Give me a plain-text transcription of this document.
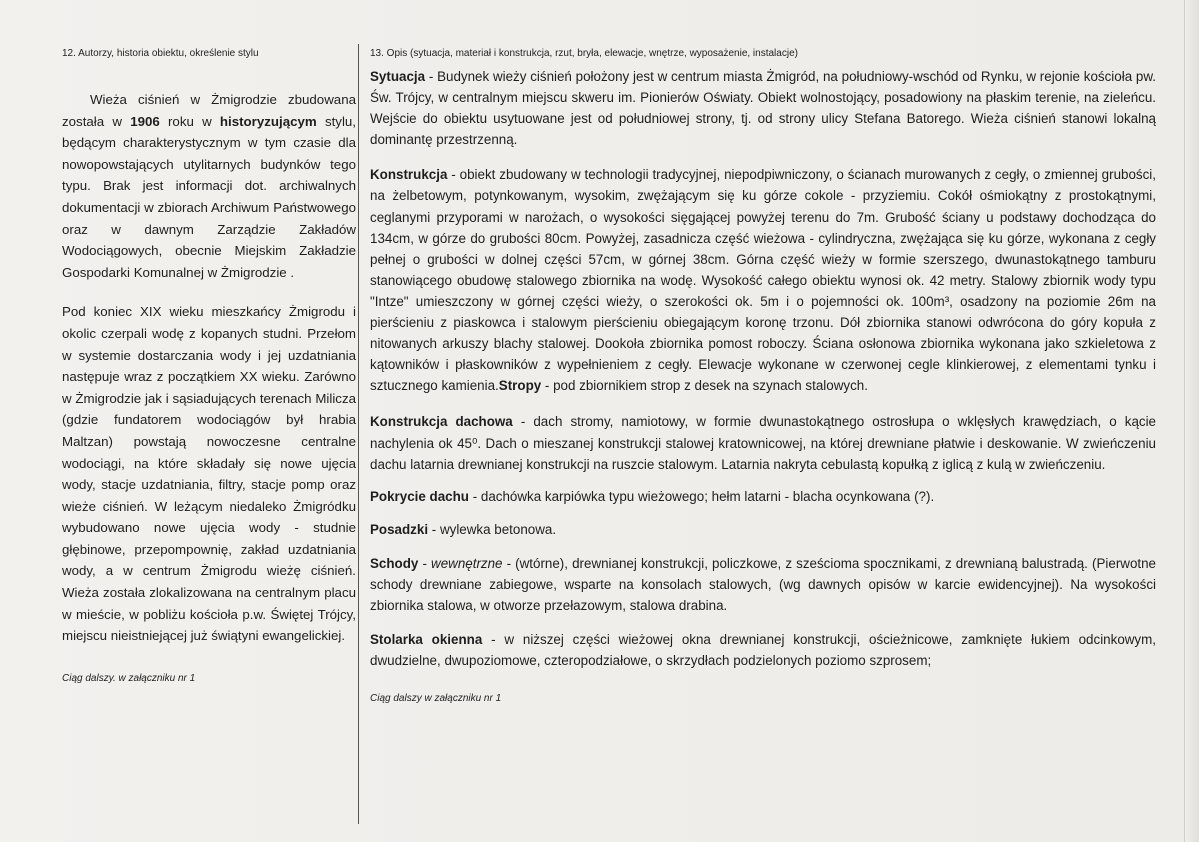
12. Autorzy, historia obiektu, określenie stylu

Wieża ciśnień w Żmigrodzie zbudowana została w 1906 roku w historyzującym stylu, będącym charakterystycznym w tym czasie dla nowopowstających utylitarnych budynków tego typu. Brak jest informacji dot. archiwalnych dokumentacji w zbiorach Archiwum Państwowego oraz w dawnym Zarządzie Zakładów Wodociągowych, obecnie Miejskim Zakładzie Gospodarki Komunalnej w Żmigrodzie .

Pod koniec XIX wieku mieszkańcy Żmigrodu i okolic czerpali wodę z kopanych studni. Przełom w systemie dostarczania wody i jej uzdatniania następuje wraz z początkiem XX wieku. Zarówno w Żmigrodzie jak i sąsiadujących terenach Milicza (gdzie fundatorem wodociągów był hrabia Maltzan) powstają nowoczesne centralne wodociągi, na które składały się nowe ujęcia wody, stacje uzdatniania, filtry, stacje pomp oraz wieże ciśnień. W leżącym niedaleko Żmigródku wybudowano nowe ujęcia wody - studnie głębinowe, przepompownię, zakład uzdatniania wody, a w centrum Żmigrodu wieżę ciśnień. Wieża została zlokalizowana na centralnym placu w mieście, w pobliżu kościoła p.w. Świętej Trójcy, miejscu nieistniejącej już świątyni ewangelickiej.

Ciąg dalszy. w załączniku nr 1
13. Opis (sytuacja, materiał i konstrukcja, rzut, bryła, elewacje, wnętrze, wyposażenie, instalacje)

Sytuacja - Budynek wieży ciśnień położony jest w centrum miasta Żmigród, na południowy-wschód od Rynku, w rejonie kościoła pw. Św. Trójcy, w centralnym miejscu skweru im. Pionierów Oświaty. Obiekt wolnostojący, posadowiony na płaskim terenie, na zieleńcu. Wejście do obiektu usytuowane jest od południowej strony, tj. od strony ulicy Stefana Batorego. Wieża ciśnień stanowi lokalną dominantę przestrzenną.

Konstrukcja - obiekt zbudowany w technologii tradycyjnej, niepodpiwniczony, o ścianach murowanych z cegły, o zmiennej grubości, na żelbetowym, potynkowanym, wysokim, zwężającym się ku górze cokole - przyziemiu. Cokół ośmiokątny z prostokątnymi, ceglanymi przyporami w narożach, o wysokości sięgającej powyżej terenu do 7m. Grubość ściany u podstawy dochodząca do 134cm, w górze do grubości 80cm. Powyżej, zasadnicza część wieżowa - cylindryczna, zwężająca się ku górze, wykonana z cegły pełnej o grubości w dolnej części 57cm, w górnej 38cm. Górna część wieży w formie szerszego, dwunastokątnego tamburu stanowiącego obudowę stalowego zbiornika na wodę. Wysokość całego obiektu wynosi ok. 42 metry. Stalowy zbiornik wody typu "Intze" umieszczony w górnej części wieży, o szerokości ok. 5m i o pojemności ok. 100m³, osadzony na poziomie 26m na pierścieniu z piaskowca i stalowym pierścieniu obiegającym koronę trzonu. Dół zbiornika stanowi odwrócona do góry kopuła z nitowanych arkuszy blachy stalowej. Dookoła zbiornika pomost roboczy. Ściana osłonowa zbiornika wykonana jako szkieletowa z kątowników i płaskowników z wypełnieniem z cegły. Elewacje wykonane w czerwonej cegle klinkierowej, z elementami tynku i sztucznego kamienia.Stropy - pod zbiornikiem strop z desek na szynach stalowych.

Konstrukcja dachowa - dach stromy, namiotowy, w formie dwunastokątnego ostrosłupa o wklęsłych krawędziach, o kącie nachylenia ok 45⁰. Dach o mieszanej konstrukcji stalowej kratownicowej, na której drewniane płatwie i deskowanie. W zwieńczeniu dachu latarnia drewnianej konstrukcji na ruszcie stalowym. Latarnia nakryta cebulastą kopułką z iglicą z kulą w zwieńczeniu.

Pokrycie dachu - dachówka karpiówka typu wieżowego; hełm latarni - blacha ocynkowana (?).

Posadzki - wylewka betonowa.

Schody - wewnętrzne - (wtórne), drewnianej konstrukcji, policzkowe, z sześcioma spocznikami, z drewnianą balustradą. (Pierwotne schody drewniane zabiegowe, wsparte na konsolach stalowych, (wg dawnych opisów w karcie ewidencyjnej). Na wysokości zbiornika stalowa, w otworze przełazowym, stalowa drabina.

Stolarka okienna - w niższej części wieżowej okna drewnianej konstrukcji, ościeżnicowe, zamknięte łukiem odcinkowym, dwudzielne, dwupoziomowe, czteropodziałowe, o skrzydłach podzielonych poziomo szprosem;

Ciąg dalszy w załączniku nr 1
